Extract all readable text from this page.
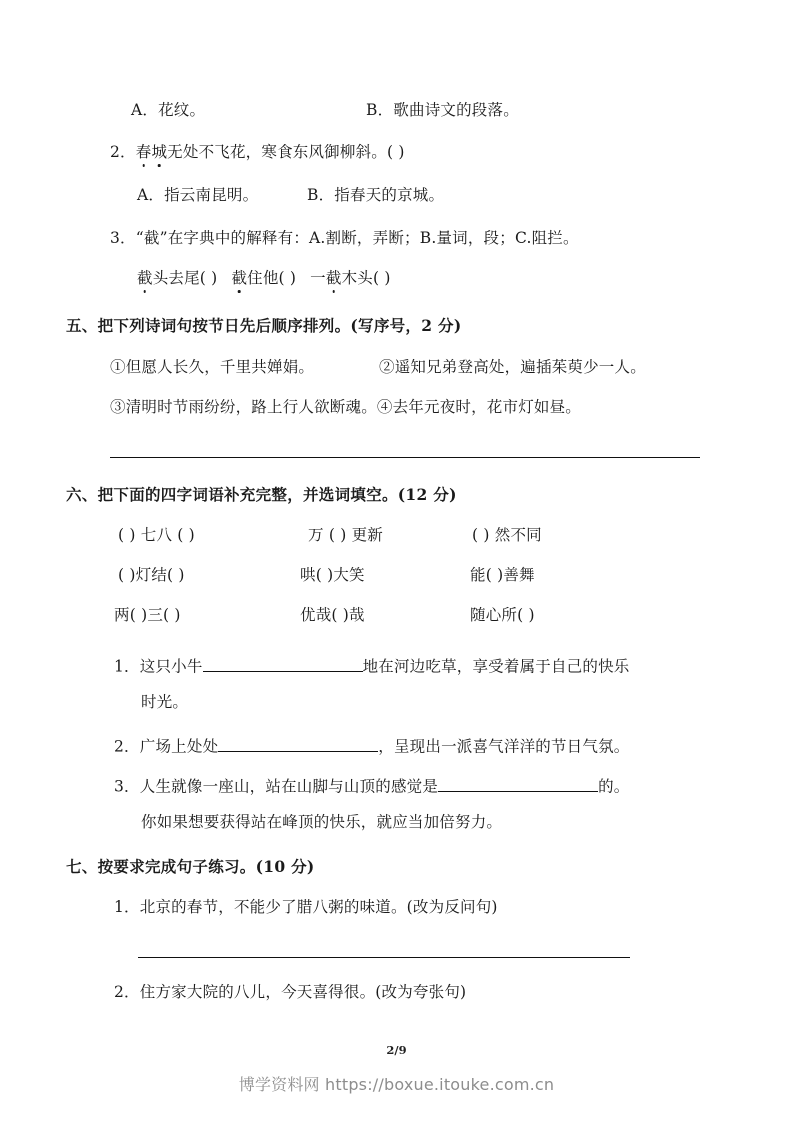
A．花纹。	B．歌曲诗文的段落。
2．春城无处不飞花，寒食东风御柳斜。( )
A．指云南昆明。	B．指春天的京城。
3．“截”在字典中的解释有：A.割断，弄断；B.量词，段；C.阻拦。
截头去尾( ) 截住他( ) 一截木头( )
五、把下列诗词句按节日先后顺序排列。(写序号，2 分)
①但愿人长久，千里共婵娟。	②遥知兄弟登高处，遍插茱萸少一人。
③清明时节雨纷纷，路上行人欲断魂。④去年元夜时，花市灯如昼。
六、把下面的四字词语补充完整，并选词填空。(12 分)
( ) 七八 ( )	万 ( ) 更新	( ) 然不同
( )灯结( )	哄( )大笑	能( )善舞
两( )三( )	优哉( )哉	随心所( )
1．这只小牛	地在河边吃草，享受着属于自己的快乐
时光。
2．广场上处处	，呈现出一派喜气洋洋的节日气氛。
3．人生就像一座山，站在山脚与山顶的感觉是	的。
你如果想要获得站在峰顶的快乐，就应当加倍努力。
七、按要求完成句子练习。(10 分)
1．北京的春节，不能少了腊八粥的味道。(改为反问句)
2．住方家大院的八儿，今天喜得很。(改为夸张句)
2/9
博学资料网 https://boxue.itouke.com.cn
